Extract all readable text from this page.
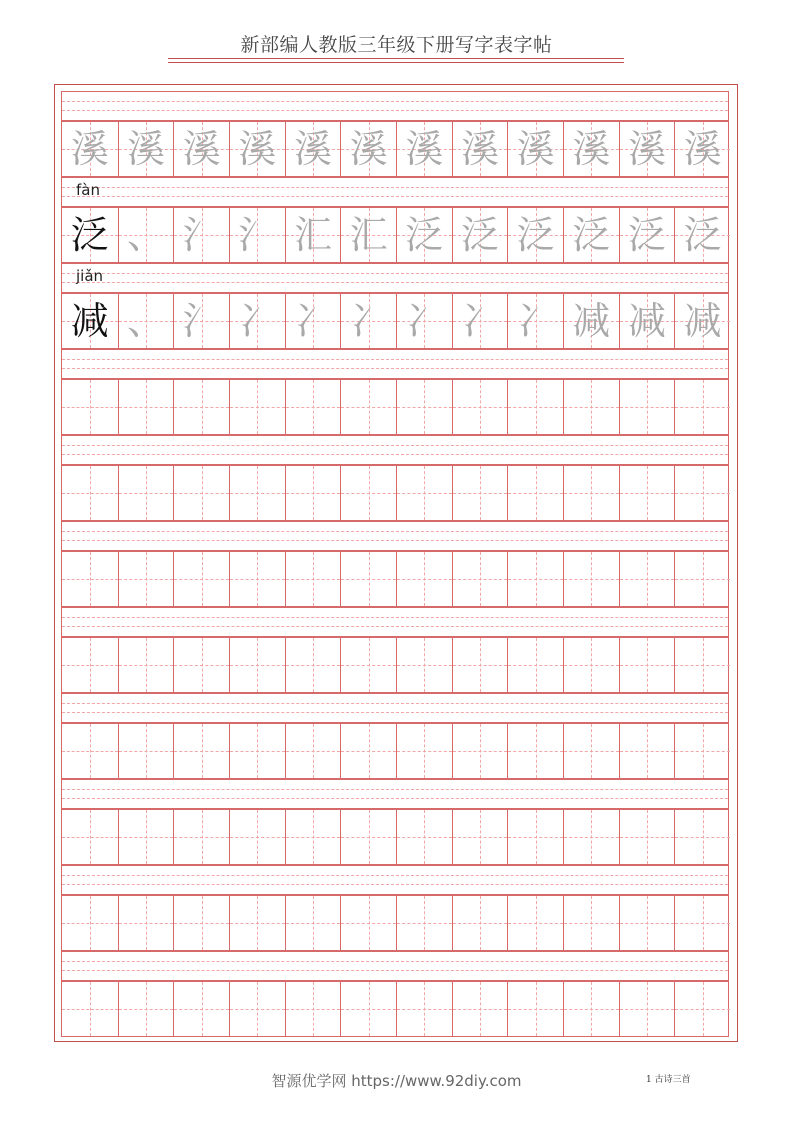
新部编人教版三年级下册写字表字帖
溪 溪 溪 溪 溪 溪 溪 溪 溪 溪 溪 溪
fàn
泛 、 氵 氵 汇 汇 泛 泛 泛 泛 泛 泛
jiǎn
减 、 氵 冫 冫 冫 冫 冫 冫 减 减 减
智源优学网 https://www.92diy.com	1 古诗三首
